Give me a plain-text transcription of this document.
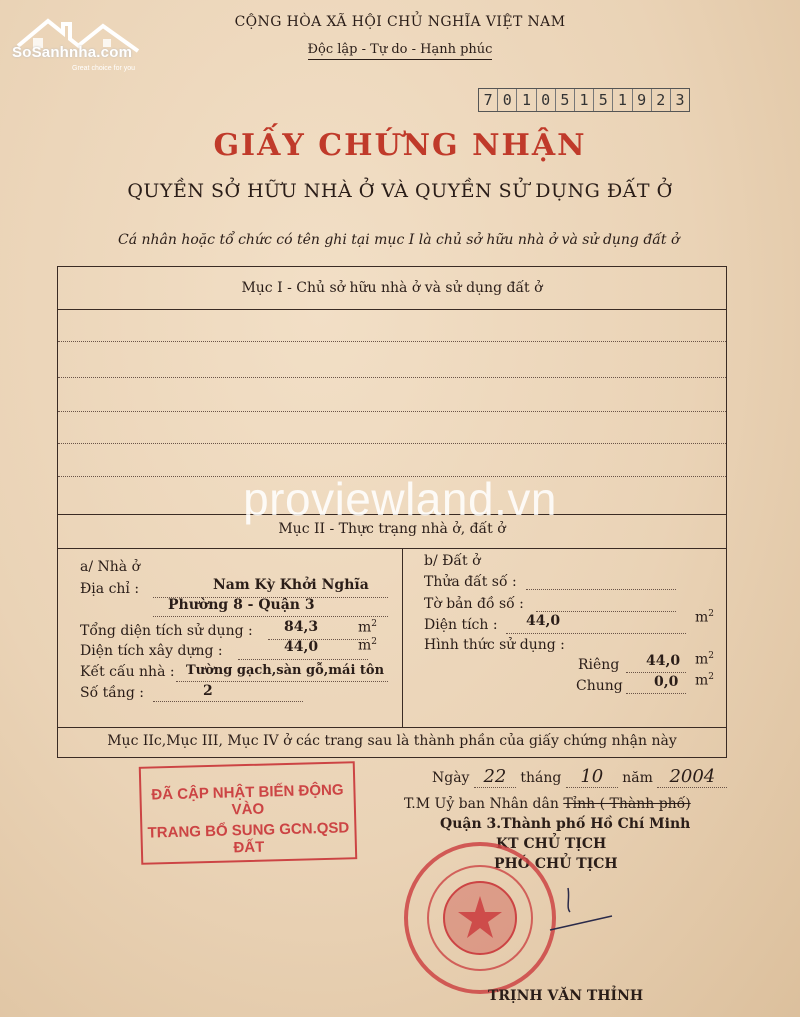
SoSanhnha.com
Great choice for you
CỘNG HÒA XÃ HỘI CHỦ NGHĨA VIỆT NAM
Độc lập - Tự do - Hạnh phúc
7 0 1 0 5 1 5 1 9 2 3
GIẤY CHỨNG NHẬN
QUYỀN SỞ HỮU NHÀ Ở VÀ QUYỀN SỬ DỤNG ĐẤT Ở
Cá nhân hoặc tổ chức có tên ghi tại mục I là chủ sở hữu nhà ở và sử dụng đất ở
Mục I - Chủ sở hữu nhà ở và sử dụng đất ở
Mục II - Thực trạng nhà ở, đất ở
Mục IIc,Mục III, Mục IV ở các trang sau là thành phần của giấy chứng nhận này
a/ Nhà ở
Địa chỉ :	Nam Kỳ Khởi Nghĩa
Phường 8 - Quận 3
Tổng diện tích sử dụng : 84,3	$m^2$
Diện tích xây dựng :	44,0	$m^2$
Kết cấu nhà : Tường gạch,sàn gỗ,mái tôn
Số tầng :	2
b/ Đất ở
Thửa đất số :
Tờ bản đồ số :
Diện tích : 44,0	$m^2$
Hình thức sử dụng :
Riêng 44,0 $m^2$
Chung 0,0 $m^2$
proviewland.vn
ĐÃ CẬP NHẬT BIẾN ĐỘNG VÀO
TRANG BỔ SUNG GCN.QSD ĐẤT
Ngày 22 tháng 10 năm 2004
T.M Uỷ ban Nhân dân Tỉnh ( Thành phố)
Quận 3.Thành phố Hồ Chí Minh
KT CHỦ TỊCH
PHÓ CHỦ TỊCH
TRỊNH VĂN THỈNH
